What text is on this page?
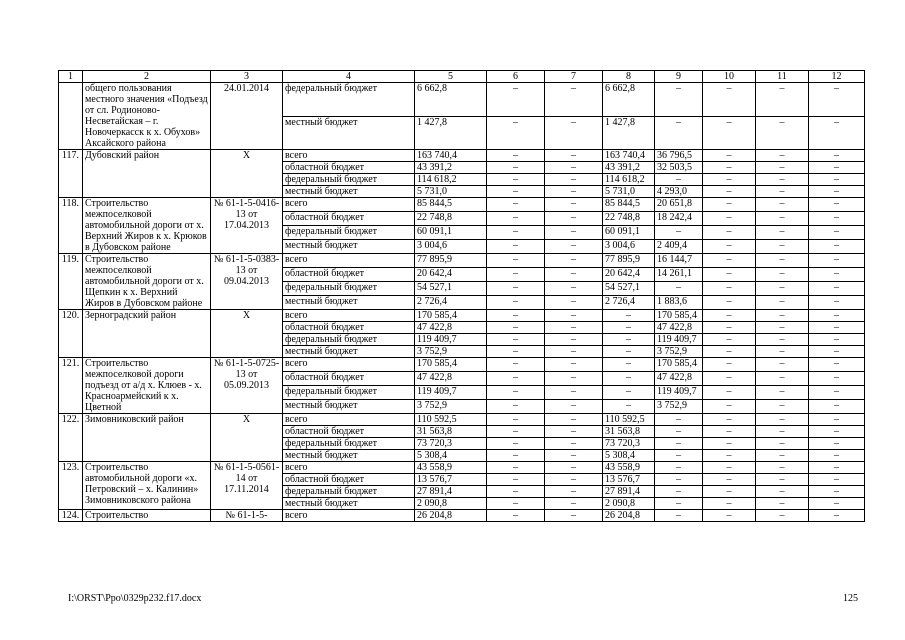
1	2	3	4	5	6	7	8	9	10	11	12
	общего пользования местного значения «Подъезд от сл. Родионово-Несветайская – г. Новочеркасск к х. Обухов» Аксайского района	24.01.2014	федеральный бюджет	6 662,8	–	–	6 662,8	–	–	–	–
			местный бюджет	1 427,8	–	–	1 427,8	–	–	–	–
117.	Дубовский район	Х	всего	163 740,4	–	–	163 740,4	36 796,5	–	–	–
			областной бюджет	43 391,2	–	–	43 391,2	32 503,5	–	–	–
			федеральный бюджет	114 618,2	–	–	114 618,2	–	–	–	–
			местный бюджет	5 731,0	–	–	5 731,0	4 293,0	–	–	–
118.	Строительство межпоселковой автомобильной дороги от х. Верхний Жиров к х. Крюков в Дубовском районе	№ 61-1-5-0416-13 от 17.04.2013	всего	85 844,5	–	–	85 844,5	20 651,8	–	–	–
			областной бюджет	22 748,8	–	–	22 748,8	18 242,4	–	–	–
			федеральный бюджет	60 091,1	–	–	60 091,1	–	–	–	–
			местный бюджет	3 004,6	–	–	3 004,6	2 409,4	–	–	–
119.	Строительство межпоселковой автомобильной дороги от х. Щепкин к х. Верхний Жиров в Дубовском районе	№ 61-1-5-0383-13 от 09.04.2013	всего	77 895,9	–	–	77 895,9	16 144,7	–	–	–
			областной бюджет	20 642,4	–	–	20 642,4	14 261,1	–	–	–
			федеральный бюджет	54 527,1	–	–	54 527,1	–	–	–	–
			местный бюджет	2 726,4	–	–	2 726,4	1 883,6	–	–	–
120.	Зерноградский район	Х	всего	170 585,4	–	–	–	170 585,4	–	–	–
			областной бюджет	47 422,8	–	–	–	47 422,8	–	–	–
			федеральный бюджет	119 409,7	–	–	–	119 409,7	–	–	–
			местный бюджет	3 752,9	–	–	–	3 752,9	–	–	–
121.	Строительство межпоселковой дороги подъезд от а/д х. Клюев - х. Красноармейский к х. Цветной	№ 61-1-5-0725-13 от 05.09.2013	всего	170 585,4	–	–	–	170 585,4	–	–	–
			областной бюджет	47 422,8	–	–	–	47 422,8	–	–	–
			федеральный бюджет	119 409,7	–	–	–	119 409,7	–	–	–
			местный бюджет	3 752,9	–	–	–	3 752,9	–	–	–
122.	Зимовниковский район	Х	всего	110 592,5	–	–	110 592,5	–	–	–	–
			областной бюджет	31 563,8	–	–	31 563,8	–	–	–	–
			федеральный бюджет	73 720,3	–	–	73 720,3	–	–	–	–
			местный бюджет	5 308,4	–	–	5 308,4	–	–	–	–
123.	Строительство автомобильной дороги «х. Петровский – х. Калинин» Зимовниковского района	№ 61-1-5-0561-14 от 17.11.2014	всего	43 558,9	–	–	43 558,9	–	–	–	–
			областной бюджет	13 576,7	–	–	13 576,7	–	–	–	–
			федеральный бюджет	27 891,4	–	–	27 891,4	–	–	–	–
			местный бюджет	2 090,8	–	–	2 090,8	–	–	–	–
124.	Строительство	№ 61-1-5-	всего	26 204,8	–	–	26 204,8	–	–	–	–
I:\ORST\Ppo\0329p232.f17.docx	125
